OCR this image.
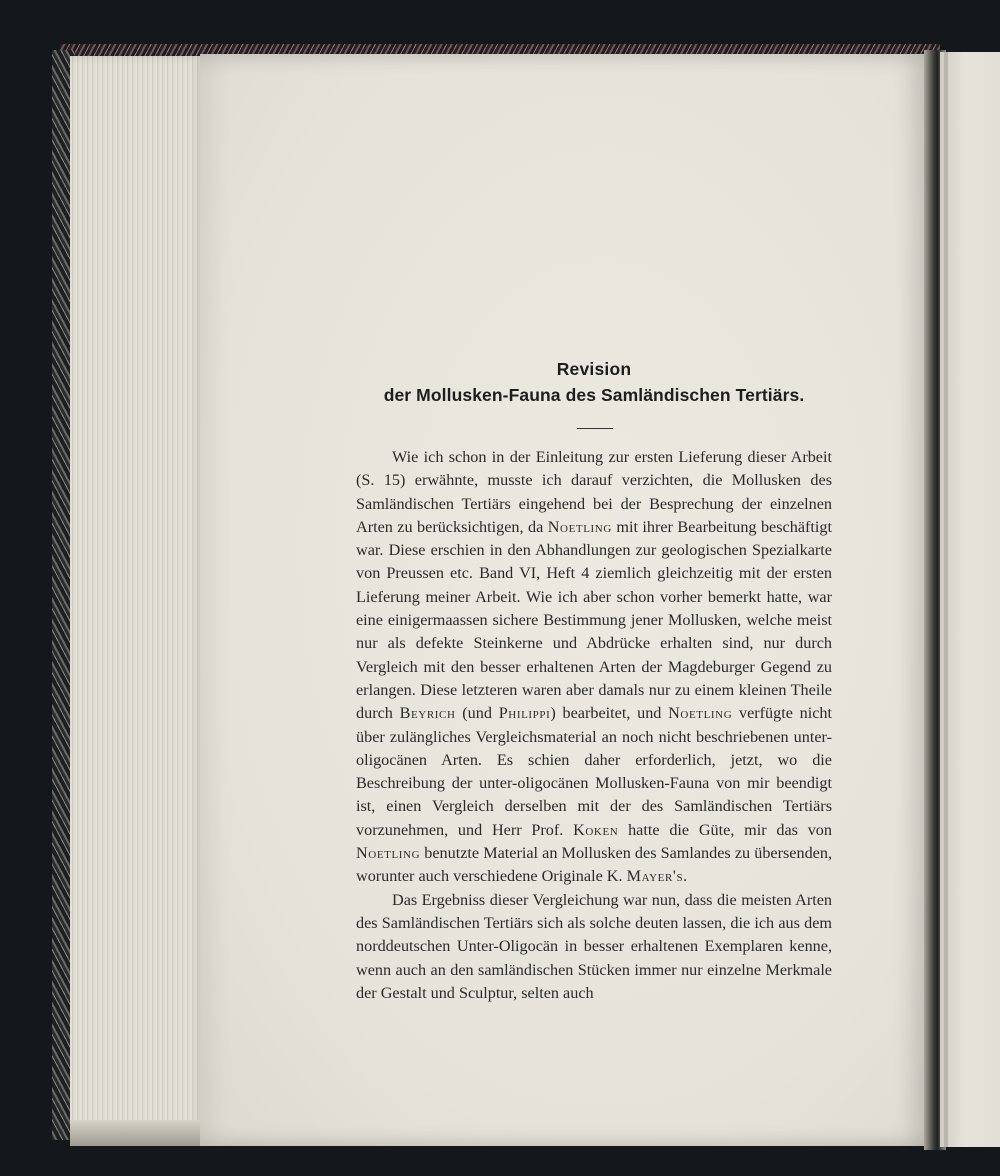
Revision
der Mollusken-Fauna des Samländischen Tertiärs.

Wie ich schon in der Einleitung zur ersten Lieferung dieser Arbeit (S. 15) erwähnte, musste ich darauf verzichten, die Mollusken des Samländischen Tertiärs eingehend bei der Besprechung der einzelnen Arten zu berücksichtigen, da Noetling mit ihrer Bearbeitung beschäftigt war. Diese erschien in den Abhandlungen zur geologischen Spezialkarte von Preussen etc. Band VI, Heft 4 ziemlich gleichzeitig mit der ersten Lieferung meiner Arbeit. Wie ich aber schon vorher bemerkt hatte, war eine einigermaassen sichere Bestimmung jener Mollusken, welche meist nur als defekte Steinkerne und Abdrücke erhalten sind, nur durch Vergleich mit den besser erhaltenen Arten der Magdeburger Gegend zu erlangen. Diese letzteren waren aber damals nur zu einem kleinen Theile durch Beyrich (und Philippi) bearbeitet, und Noetling verfügte nicht über zulängliches Vergleichsmaterial an noch nicht beschriebenen unter-oligocänen Arten. Es schien daher erforderlich, jetzt, wo die Beschreibung der unter-oligocänen Mollusken-Fauna von mir beendigt ist, einen Vergleich derselben mit der des Samländischen Tertiärs vorzunehmen, und Herr Prof. Koken hatte die Güte, mir das von Noetling benutzte Material an Mollusken des Samlandes zu übersenden, worunter auch verschiedene Originale K. Mayer's.

Das Ergebniss dieser Vergleichung war nun, dass die meisten Arten des Samländischen Tertiärs sich als solche deuten lassen, die ich aus dem norddeutschen Unter-Oligocän in besser erhaltenen Exemplaren kenne, wenn auch an den samländischen Stücken immer nur einzelne Merkmale der Gestalt und Sculptur, selten auch
